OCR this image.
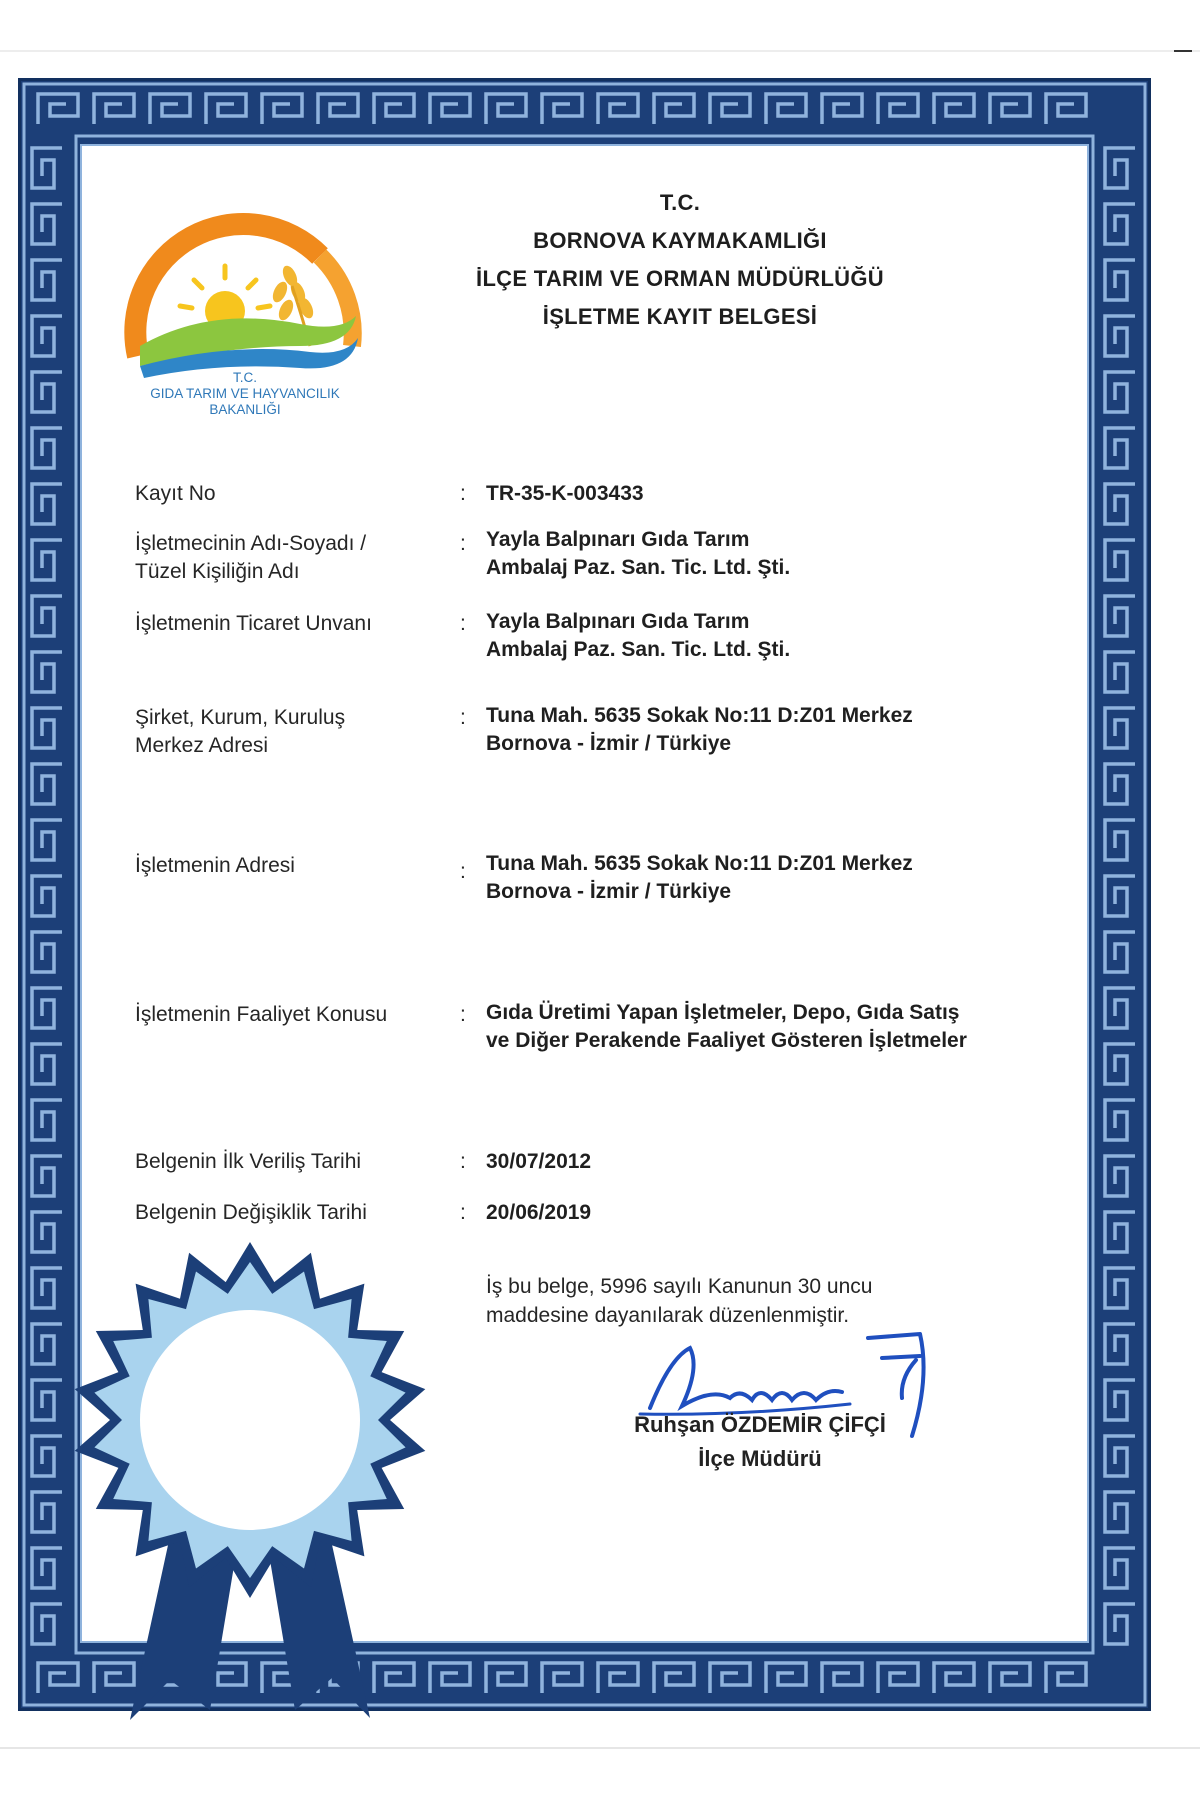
T.C.
GIDA TARIM VE HAYVANCILIK
BAKANLIĞI
T.C.
BORNOVA KAYMAKAMLIĞI
İLÇE TARIM VE ORMAN MÜDÜRLÜĞÜ
İŞLETME KAYIT BELGESİ
Kayıt No	: TR-35-K-003433
İşletmecinin Adı-Soyadı /
Tüzel Kişiliğin Adı
: Yayla Balpınarı Gıda Tarım
Ambalaj Paz. San. Tic. Ltd. Şti.
İşletmenin Ticaret Unvanı	: Yayla Balpınarı Gıda Tarım
Ambalaj Paz. San. Tic. Ltd. Şti.
Şirket, Kurum, Kuruluş
Merkez Adresi
: Tuna Mah. 5635 Sokak No:11 D:Z01 Merkez
Bornova - İzmir / Türkiye
İşletmenin Adresi	: Tuna Mah. 5635 Sokak No:11 D:Z01 Merkez
Bornova - İzmir / Türkiye
İşletmenin Faaliyet Konusu	: Gıda Üretimi Yapan İşletmeler, Depo, Gıda Satış
ve Diğer Perakende Faaliyet Gösteren İşletmeler
Belgenin İlk Veriliş Tarihi	: 30/07/2012
Belgenin Değişiklik Tarihi	: 20/06/2019
İş bu belge, 5996 sayılı Kanunun 30 uncu
maddesine dayanılarak düzenlenmiştir.
Ruhşan ÖZDEMİR ÇİFÇİ
İlçe Müdürü
